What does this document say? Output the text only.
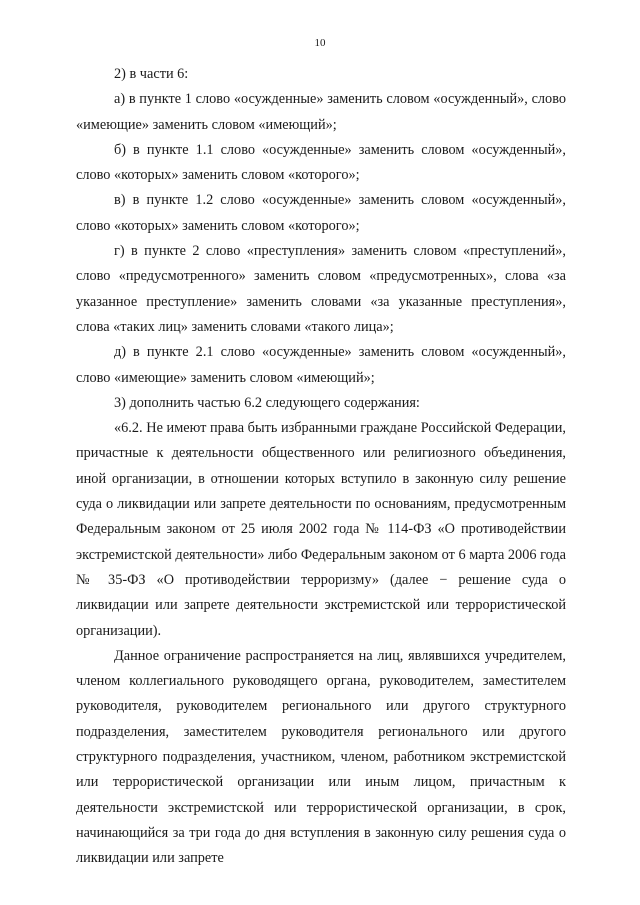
10

2) в части 6:

а) в пункте 1 слово «осужденные» заменить словом «осужденный», слово «имеющие» заменить словом «имеющий»;

б) в пункте 1.1 слово «осужденные» заменить словом «осужденный», слово «которых» заменить словом «которого»;

в) в пункте 1.2 слово «осужденные» заменить словом «осужденный», слово «которых» заменить словом «которого»;

г) в пункте 2 слово «преступления» заменить словом «преступлений», слово «предусмотренного» заменить словом «предусмотренных», слова «за указанное преступление» заменить словами «за указанные преступления», слова «таких лиц» заменить словами «такого лица»;

д) в пункте 2.1 слово «осужденные» заменить словом «осужденный», слово «имеющие» заменить словом «имеющий»;

3) дополнить частью 6.2 следующего содержания:

«6.2. Не имеют права быть избранными граждане Российской Федерации, причастные к деятельности общественного или религиозного объединения, иной организации, в отношении которых вступило в законную силу решение суда о ликвидации или запрете деятельности по основаниям, предусмотренным Федеральным законом от 25 июля 2002 года № 114-ФЗ «О противодействии экстремистской деятельности» либо Федеральным законом от 6 марта 2006 года № 35-ФЗ «О противодействии терроризму» (далее − решение суда о ликвидации или запрете деятельности экстремистской или террористической организации).

Данное ограничение распространяется на лиц, являвшихся учредителем, членом коллегиального руководящего органа, руководителем, заместителем руководителя, руководителем регионального или другого структурного подразделения, заместителем руководителя регионального или другого структурного подразделения, участником, членом, работником экстремистской или террористической организации или иным лицом, причастным к деятельности экстремистской или террористической организации, в срок, начинающийся за три года до дня вступления в законную силу решения суда о ликвидации или запрете
